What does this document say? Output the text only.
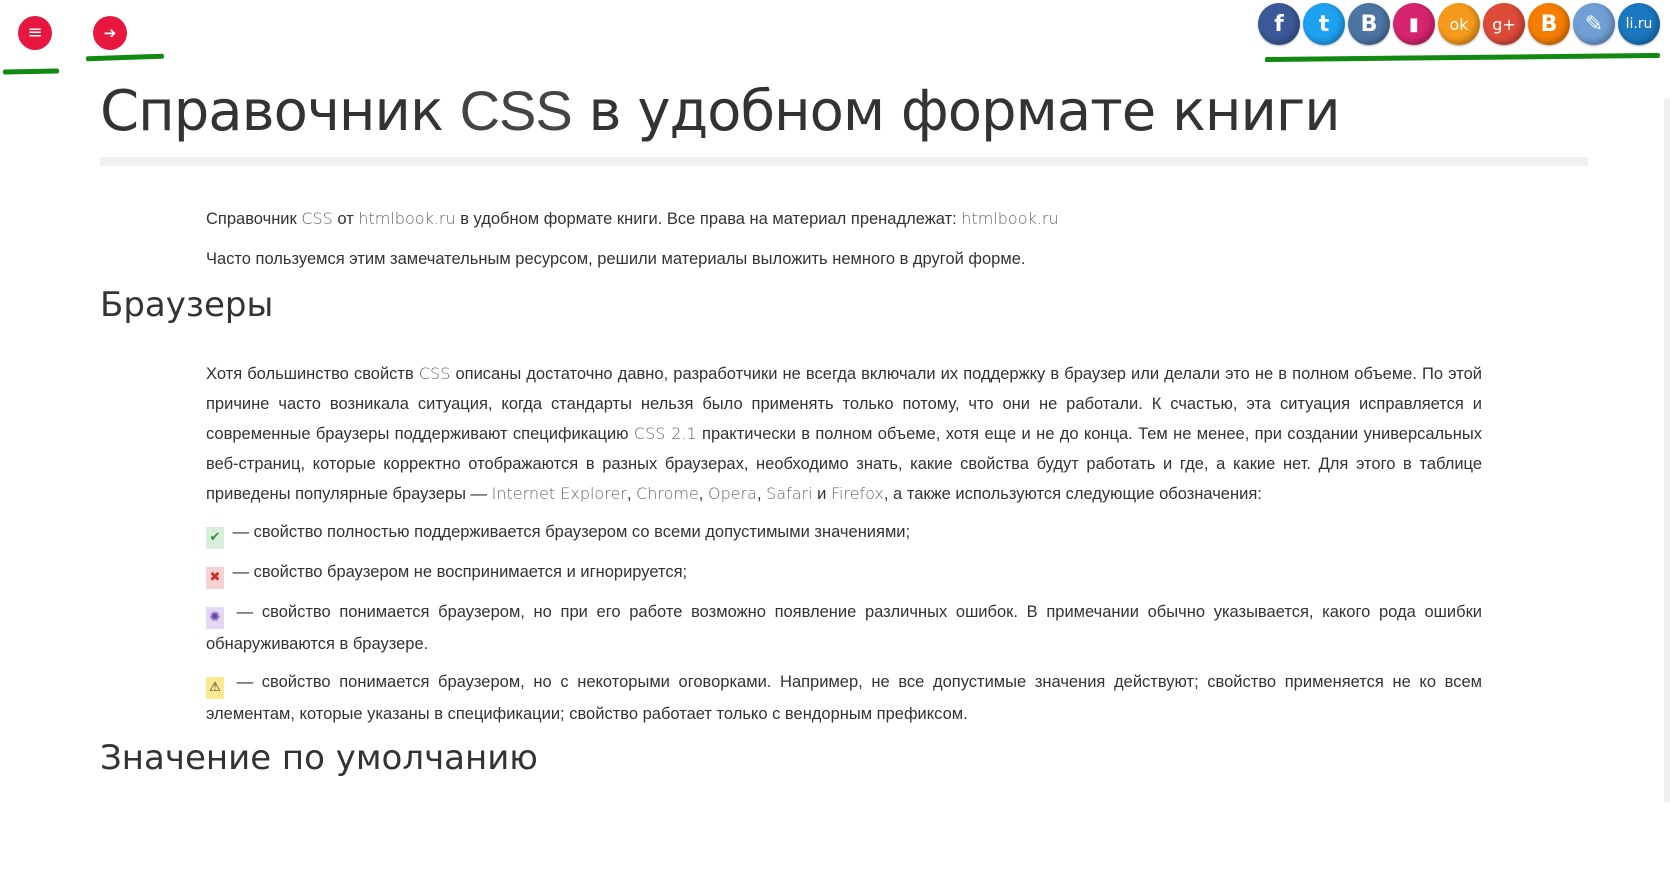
≡	➔	f t B ▮ ok g+ B ✎ li.ru
Справочник CSS в удобном формате книги

Справочник CSS от htmlbook.ru в удобном формате книги. Все права на материал пренадлежат: htmlbook.ru

Часто пользуемся этим замечательным ресурсом, решили материалы выложить немного в другой форме.

Браузеры

Хотя большинство свойств CSS описаны достаточно давно, разработчики не всегда включали их поддержку в браузер или делали это не в полном объеме. По этой причине часто возникала ситуация, когда стандарты нельзя было применять только потому, что они не работали. К счастью, эта ситуация исправляется и современные браузеры поддерживают спецификацию CSS 2.1 практически в полном объеме, хотя еще и не до конца. Тем не менее, при создании универсальных веб-страниц, которые корректно отображаются в разных браузерах, необходимо знать, какие свойства будут работать и где, а какие нет. Для этого в таблице приведены популярные браузеры — Internet Explorer, Chrome, Opera, Safari и Firefox, а также используются следующие обозначения:

✔ — свойство полностью поддерживается браузером со всеми допустимыми значениями;

✖ — свойство браузером не воспринимается и игнорируется;

✺ — свойство понимается браузером, но при его работе возможно появление различных ошибок. В примечании обычно указывается, какого рода ошибки обнаруживаются в браузере.

⚠ — свойство понимается браузером, но с некоторыми оговорками. Например, не все допустимые значения действуют; свойство применяется не ко всем элементам, которые указаны в спецификации; свойство работает только с вендорным префиксом.

Значение по умолчанию
